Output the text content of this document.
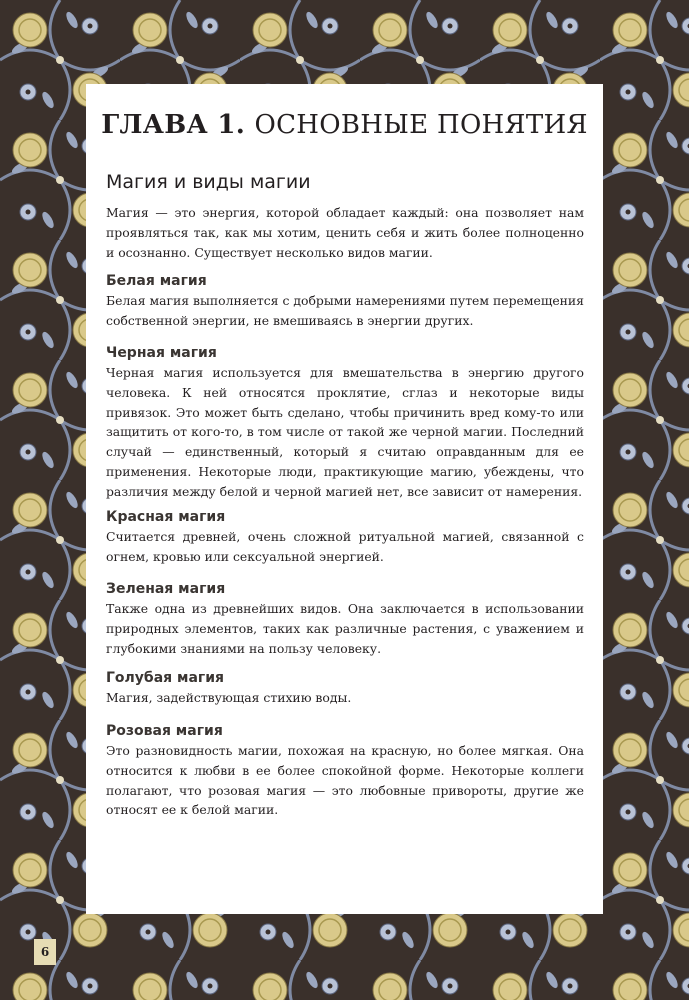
ГЛАВА 1. ОСНОВНЫЕ ПОНЯТИЯ
Магия и виды магии

Магия — это энергия, которой обладает каждый: она позволяет нам проявляться так, как мы хотим, ценить себя и жить более полноценно и осознанно. Существует несколько видов магии.

Белая магия

Белая магия выполняется с добрыми намерениями путем перемещения собственной энергии, не вмешиваясь в энергии других.

Черная магия

Черная магия используется для вмешательства в энергию другого человека. К ней относятся проклятие, сглаз и некоторые виды привязок. Это может быть сделано, чтобы причинить вред кому-то или защитить от кого-то, в том числе от такой же черной магии. Последний случай — единственный, который я считаю оправданным для ее применения. Некоторые люди, практикующие магию, убеждены, что различия между белой и черной магией нет, все зависит от намерения.

Красная магия

Считается древней, очень сложной ритуальной магией, связанной с огнем, кровью или сексуальной энергией.

Зеленая магия

Также одна из древнейших видов. Она заключается в использовании природных элементов, таких как различные растения, с уважением и глубокими знаниями на пользу человеку.

Голубая магия

Магия, задействующая стихию воды.

Розовая магия

Это разновидность магии, похожая на красную, но более мягкая. Она относится к любви в ее более спокойной форме. Некоторые коллеги полагают, что розовая магия — это любовные привороты, другие же относят ее к белой магии.

6
